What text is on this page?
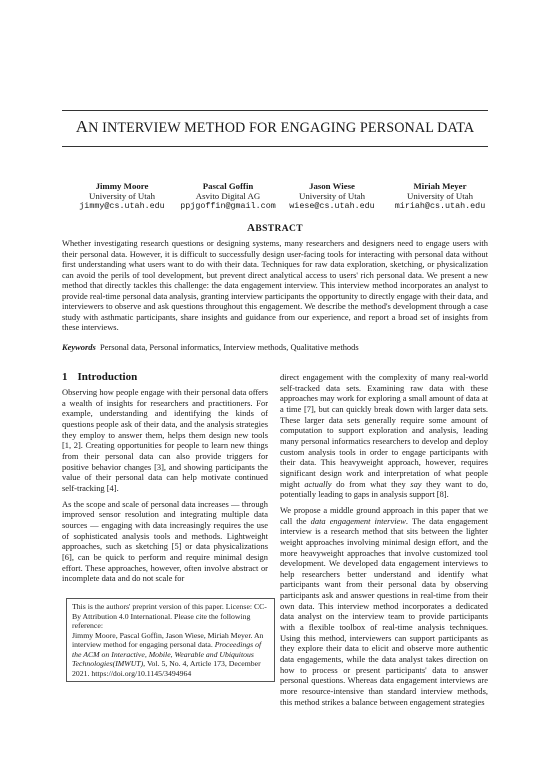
AN INTERVIEW METHOD FOR ENGAGING PERSONAL DATA
Jimmy Moore
University of Utah
jimmy@cs.utah.edu
Pascal Goffin
Asvito Digital AG
ppjgoffin@gmail.com
Jason Wiese
University of Utah
wiese@cs.utah.edu
Miriah Meyer
University of Utah
miriah@cs.utah.edu
ABSTRACT
Whether investigating research questions or designing systems, many researchers and designers need to engage users with their personal data. However, it is difficult to successfully design user-facing tools for interacting with personal data without first understanding what users want to do with their data. Techniques for raw data exploration, sketching, or physicalization can avoid the perils of tool development, but prevent direct analytical access to users' rich personal data. We present a new method that directly tackles this challenge: the data engagement interview. This interview method incorporates an analyst to provide real-time personal data analysis, granting interview participants the opportunity to directly engage with their data, and interviewers to observe and ask questions throughout this engagement. We describe the method's development through a case study with asthmatic participants, share insights and guidance from our experience, and report a broad set of insights from these interviews.
Keywords Personal data, Personal informatics, Interview methods, Qualitative methods
1 Introduction

Observing how people engage with their personal data offers a wealth of insights for researchers and practitioners. For example, understanding and identifying the kinds of questions people ask of their data, and the analysis strategies they employ to answer them, helps them design new tools [1, 2]. Creating opportunities for people to learn new things from their personal data can also provide triggers for positive behavior changes [3], and showing participants the value of their personal data can help motivate continued self-tracking [4].

As the scope and scale of personal data increases — through improved sensor resolution and integrating multiple data sources — engaging with data increasingly requires the use of sophisticated analysis tools and methods. Lightweight approaches, such as sketching [5] or data physicalizations [6], can be quick to perform and require minimal design effort. These approaches, however, often involve abstract or incomplete data and do not scale for

This is the authors' preprint version of this paper. License: CC-By Attribution 4.0 International. Please cite the following reference:

Jimmy Moore, Pascal Goffin, Jason Wiese, Miriah Meyer. An interview method for engaging personal data. Proceedings of the ACM on Interactive, Mobile, Wearable and Ubiquitous Technologies(IMWUT), Vol. 5, No. 4, Article 173, December 2021. https://doi.org/10.1145/3494964

direct engagement with the complexity of many real-world self-tracked data sets. Examining raw data with these approaches may work for exploring a small amount of data at a time [7], but can quickly break down with larger data sets. These larger data sets generally require some amount of computation to support exploration and analysis, leading many personal informatics researchers to develop and deploy custom analysis tools in order to engage participants with their data. This heavyweight approach, however, requires significant design work and interpretation of what people might actually do from what they say they want to do, potentially leading to gaps in analysis support [8].

We propose a middle ground approach in this paper that we call the data engagement interview. The data engagement interview is a research method that sits between the lighter weight approaches involving minimal design effort, and the more heavyweight approaches that involve customized tool development. We developed data engagement interviews to help researchers better understand and identify what participants want from their personal data by observing participants ask and answer questions in real-time from their own data. This interview method incorporates a dedicated data analyst on the interview team to provide participants with a flexible toolbox of real-time analysis techniques. Using this method, interviewers can support participants as they explore their data to elicit and observe more authentic data engagements, while the data analyst takes direction on how to process or present participants' data to answer personal questions. Whereas data engagement interviews are more resource-intensive than standard interview methods, this method strikes a balance between engagement strategies
